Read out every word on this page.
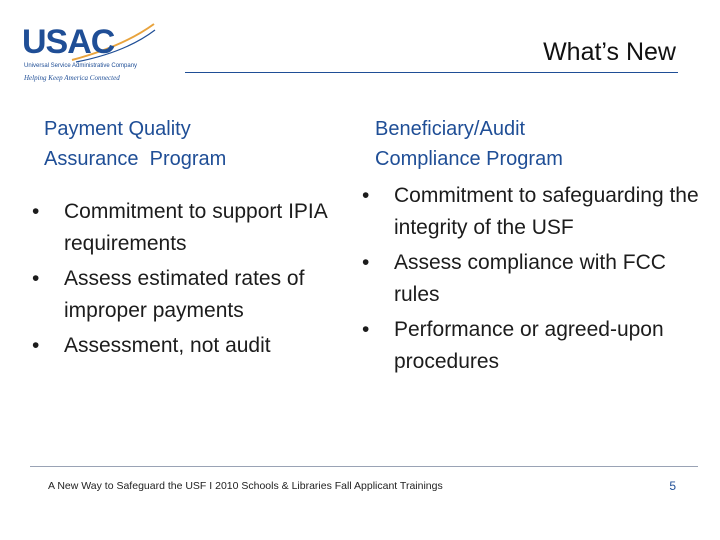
USAC
Universal Service Administrative Company
Helping Keep America Connected
What’s New
Payment Quality
Assurance  Program
Beneficiary/Audit
Compliance Program
• Commitment to support IPIA requirements
• Assess estimated rates of improper payments
• Assessment, not audit
• Commitment to safeguarding the integrity of the USF
• Assess compliance with FCC rules
• Performance or agreed-upon procedures
A New Way to Safeguard the USF I 2010 Schools & Libraries Fall Applicant Trainings	5
